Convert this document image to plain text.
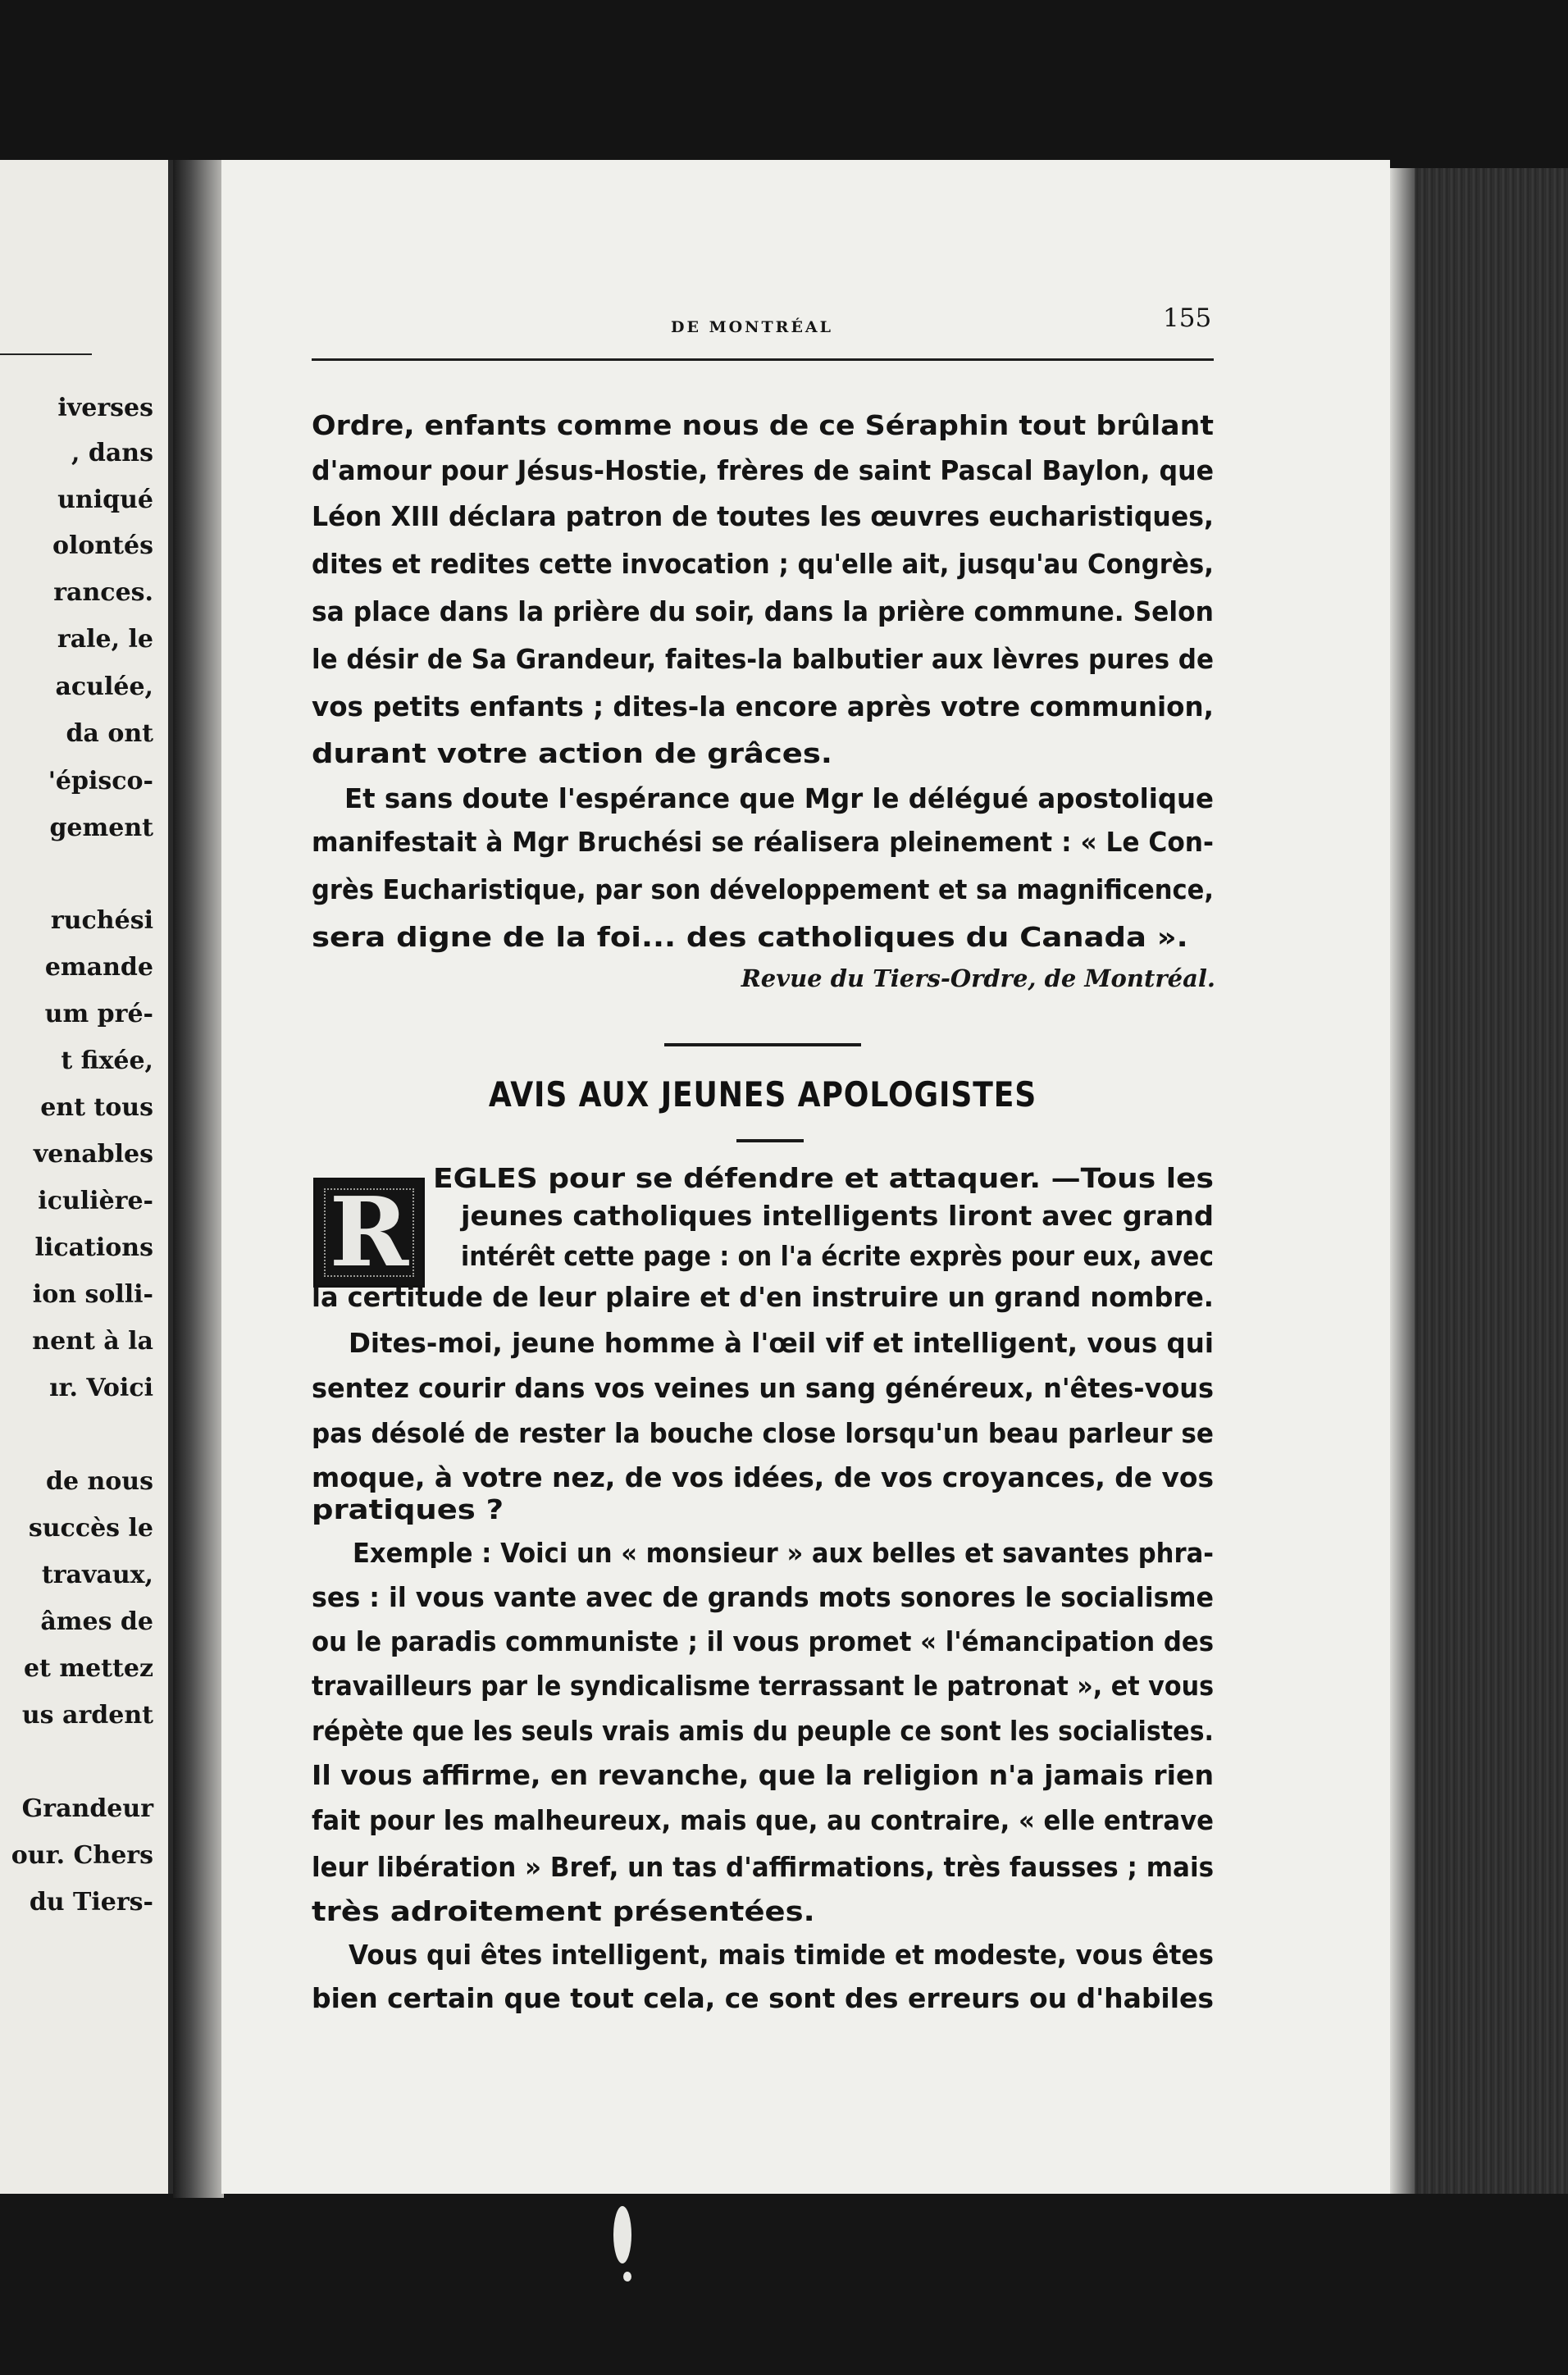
iverses
, dans
uniqué
olontés
rances.
rale, le
aculée,
da ont
'épisco-
gement
ruchési
emande
um pré-
t fixée,
ent tous
venables
iculière-
lications
ion solli-
nent à la
ır. Voici
de nous
succès le
travaux,
âmes de
et mettez
us ardent
Grandeur
our. Chers
du Tiers-
DE MONTRÉAL	155
Ordre, enfants comme nous de ce Séraphin tout brûlant
d'amour pour Jésus-Hostie, frères de saint Pascal Baylon, que
Léon XIII déclara patron de toutes les œuvres eucharistiques,
dites et redites cette invocation ; qu'elle ait, jusqu'au Congrès,
sa place dans la prière du soir, dans la prière commune. Selon
le désir de Sa Grandeur, faites-la balbutier aux lèvres pures de
vos petits enfants ; dites-la encore après votre communion,
durant votre action de grâces.
Et sans doute l'espérance que Mgr le délégué apostolique
manifestait à Mgr Bruchési se réalisera pleinement : « Le Con-
grès Eucharistique, par son développement et sa magnificence,
sera digne de la foi... des catholiques du Canada ».
Revue du Tiers-Ordre, de Montréal.
AVIS AUX JEUNES APOLOGISTES
R EGLES pour se défendre et attaquer. —Tous les
jeunes catholiques intelligents liront avec grand
intérêt cette page : on l'a écrite exprès pour eux, avec
la certitude de leur plaire et d'en instruire un grand nombre.
Dites-moi, jeune homme à l'œil vif et intelligent, vous qui
sentez courir dans vos veines un sang généreux, n'êtes-vous
pas désolé de rester la bouche close lorsqu'un beau parleur se
moque, à votre nez, de vos idées, de vos croyances, de vos
pratiques ?
Exemple : Voici un « monsieur » aux belles et savantes phra-
ses : il vous vante avec de grands mots sonores le socialisme
ou le paradis communiste ; il vous promet « l'émancipation des
travailleurs par le syndicalisme terrassant le patronat », et vous
répète que les seuls vrais amis du peuple ce sont les socialistes.
Il vous affirme, en revanche, que la religion n'a jamais rien
fait pour les malheureux, mais que, au contraire, « elle entrave
leur libération » Bref, un tas d'affirmations, très fausses ; mais
très adroitement présentées.
Vous qui êtes intelligent, mais timide et modeste, vous êtes
bien certain que tout cela, ce sont des erreurs ou d'habiles
